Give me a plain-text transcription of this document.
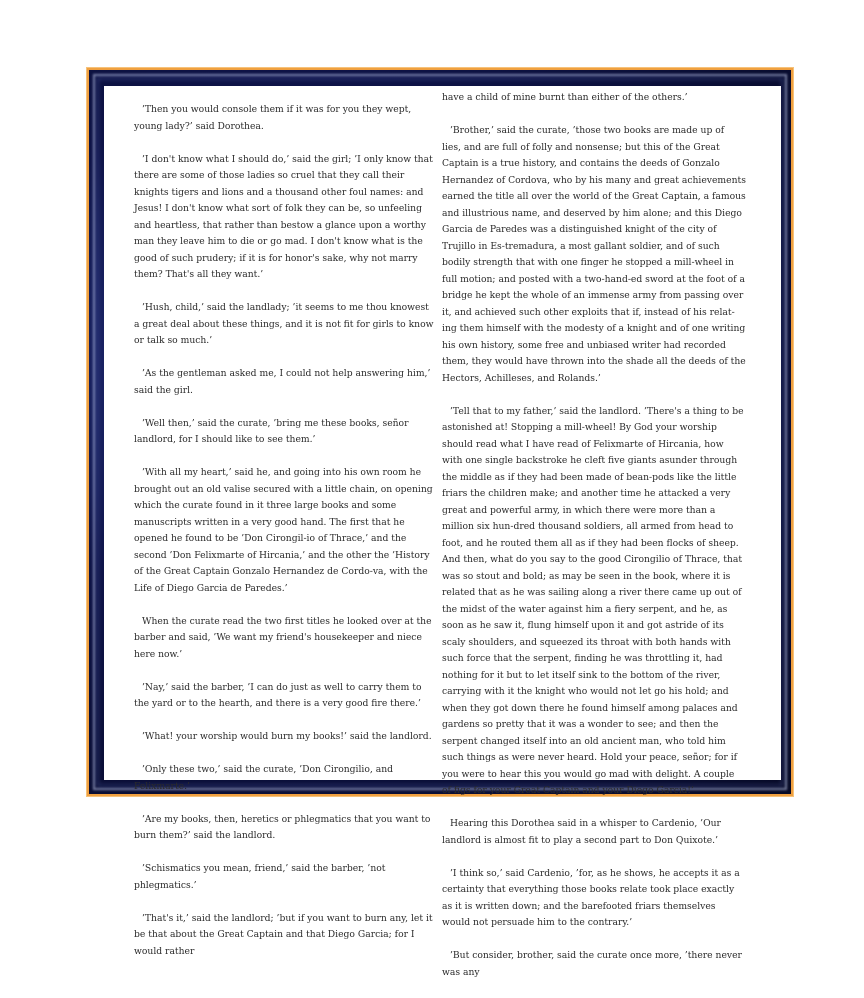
’Then you would console them if it was for you they wept, young lady?’ said Dorothea.

’I don't know what I should do,’ said the girl; ’I only know that there are some of those ladies so cruel that they call their knights tigers and lions and a thousand other foul names: and Jesus! I don't know what sort of folk they can be, so unfeeling and heartless, that rather than bestow a glance upon a worthy man they leave him to die or go mad. I don't know what is the good of such prudery; if it is for honor's sake, why not marry them? That's all they want.’

’Hush, child,’ said the landlady; ’it seems to me thou knowest a great deal about these things, and it is not fit for girls to know or talk so much.’

’As the gentleman asked me, I could not help answering him,’ said the girl.

’Well then,’ said the curate, ’bring me these books, señor landlord, for I should like to see them.’

’With all my heart,’ said he, and going into his own room he brought out an old valise secured with a little chain, on opening which the curate found in it three large books and some manuscripts written in a very good hand. The first that he opened he found to be ’Don Cirongil-io of Thrace,’ and the second ’Don Felixmarte of Hircania,’ and the other the ’History of the Great Captain Gonzalo Hernandez de Cordo-va, with the Life of Diego Garcia de Paredes.’

When the curate read the two first titles he looked over at the barber and said, ’We want my friend's housekeeper and niece here now.’

’Nay,’ said the barber, ’I can do just as well to carry them to the yard or to the hearth, and there is a very good fire there.’

’What! your worship would burn my books!’ said the landlord.

’Only these two,’ said the curate, ’Don Cirongilio, and Felixmarte.’

’Are my books, then, heretics or phlegmatics that you want to burn them?’ said the landlord.

’Schismatics you mean, friend,’ said the barber, ’not phlegmatics.’

’That's it,’ said the landlord; ’but if you want to burn any, let it be that about the Great Captain and that Diego Garcia; for I would rather

have a child of mine burnt than either of the others.’

’Brother,’ said the curate, ’those two books are made up of lies, and are full of folly and nonsense; but this of the Great Captain is a true history, and contains the deeds of Gonzalo Hernandez of Cordova, who by his many and great achievements earned the title all over the world of the Great Captain, a famous and illustrious name, and deserved by him alone; and this Diego Garcia de Paredes was a distinguished knight of the city of Trujillo in Es-tremadura, a most gallant soldier, and of such bodily strength that with one finger he stopped a mill-wheel in full motion; and posted with a two-hand-ed sword at the foot of a bridge he kept the whole of an immense army from passing over it, and achieved such other exploits that if, instead of his relat-ing them himself with the modesty of a knight and of one writing his own history, some free and unbiased writer had recorded them, they would have thrown into the shade all the deeds of the Hectors, Achilleses, and Rolands.’

’Tell that to my father,’ said the landlord. ’There's a thing to be astonished at! Stopping a mill-wheel! By God your worship should read what I have read of Felixmarte of Hircania, how with one single backstroke he cleft five giants asunder through the middle as if they had been made of bean-pods like the little friars the children make; and another time he attacked a very great and powerful army, in which there were more than a million six hun-dred thousand soldiers, all armed from head to foot, and he routed them all as if they had been flocks of sheep. And then, what do you say to the good Cirongilio of Thrace, that was so stout and bold; as may be seen in the book, where it is related that as he was sailing along a river there came up out of the midst of the water against him a fiery serpent, and he, as soon as he saw it, flung himself upon it and got astride of its scaly shoulders, and squeezed its throat with both hands with such force that the serpent, finding he was throttling it, had nothing for it but to let itself sink to the bottom of the river, carrying with it the knight who would not let go his hold; and when they got down there he found himself among palaces and gardens so pretty that it was a wonder to see; and then the serpent changed itself into an old ancient man, who told him such things as were never heard. Hold your peace, señor; for if you were to hear this you would go mad with delight. A couple of figs for your Great Captain and your Diego Garcia!’

Hearing this Dorothea said in a whisper to Cardenio, ’Our landlord is almost fit to play a second part to Don Quixote.’

’I think so,’ said Cardenio, ’for, as he shows, he accepts it as a certainty that everything those books relate took place exactly as it is written down; and the barefooted friars themselves would not persuade him to the contrary.’

’But consider, brother, said the curate once more, ’there never was any
